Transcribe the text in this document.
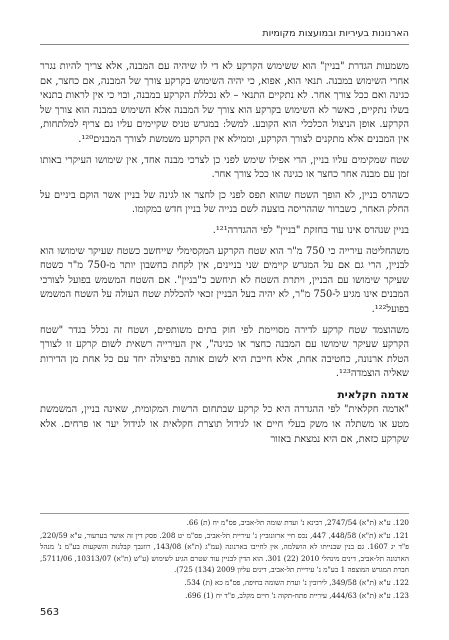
הארנונות בעיריות ובמועצות מקומיות

משמעות הגדרת "בניין" הוא ששימוש הקרקע לא די לו שיהיה עם המבנה, אלא צריך להיות נגרר אחרי השימוש במבנה. תנאי הוא, אפוא, כי יהיה השימוש בקרקע צורך של המבנה, אם כחצר, אם כגינה ואם ככל צורך אחר. לא נתקיים התנאי – לא נכללת הקרקע במבנה, ובוי כי אין לראות בתנאי בשלו נתקיים, כאשר לא השימוש בקרקע הוא צורך של המבנה אלא השימוש במבנה הוא צורך של הקרקע. אופן הניצול הכלכלי הוא הקובע. למשל: במגרש טניס שקיימים עליו גם צריף למלתחות, אין המבנים אלא מתקנים לצורך הקרקע, וממילא אין הקרקע משמשת לצורך המבנים¹²⁰.

שטח שמקימים עליו בניין, הרי אפילו שימש לפני כן לצרכי מבנה אחד, אין שימושו העיקרי באותו זמן עם מבנה אחר כחצר או כגינה או ככל צורך אחר.

כשהרס בניין, לא הופך השטח שהוא תפס לפני כן לחצר או לגינה של בניין אשר הוקם ביניים על החלק האחר, כשברור שההריסה בוצעה לשם בנייה של בניין חדש במקומו.

בניין שנהרס אינו עוד בחזקת "בניין" לפי ההגדרה¹²¹.

משהחליטה עירייה כי 750 מ"ר הוא שטח הקרקע המקסימלי שייחשב כשטח שעיקר שימושו הוא לבניין, הרי גם אם על המגרש קיימים שני בניינים, אין לקחת בחשבון יותר מ-750 מ"ר כשטח שעיקר שימושו עם הבניין, ויתרת השטח לא תיחשב כ"בניין". אם השטח המשמש בפועל לצורכי המבנים אינו מגיע ל-750 מ"ר, לא יהיה בעל הבניין זכאי להכללת שטח העולה על השטח המשמש בפועל¹²².

משהוצמד שטח קרקע לדירה מסויימת לפי חוק בתים משותפים, ושטח זה נכלל בגדר "שטח הקרקע שעיקר שימושו עם המבנה כחצר או כגינה", אין העירייה רשאית לשום קרקע זו לצורך הטלת ארנונה, כחטיבה אחת, אלא חייבת היא לשום אותה בפיצולה יחד עם כל אחת מן הדירות שאליה הוצמדה¹²³.

אדמה חקלאית

"אדמה חקלאית" לפי ההגדרה היא כל קרקע שבתחום הרשות המקומית, שאינה בניין, המשמשת מטע או משתלה או משק בעלי חיים או לגידול תוצרת חקלאית או לגידול יער או פרחים. אלא שקרקע כזאת, אם היא נמצאת באזור

120. ע"א (ת"א) 2747/54, רבינא נ' ועדת שומה תל-אביב, פס"מ יח (ת) 66.

121. ע"א (ת"א) 448/58, 447, נכס חיי ארזונוביץ נ' עיריית תל-אביב, פס"מ יט 208. פסק דין זה אושר בערעור, ע"א 220/59, פ"ד יג 1607. גם בנין שבנייתו לא הושלמה, אין לחייבו בארנונה (עמ"ג (ת"א) 143/08, רוזנבך קבלנות והשקעות בע"מ נ' מנהל הארנונה תל-אביב, דינים מינהלי 2010 (22) 301. הוא הדין לבניין עוד שטרם הגיע לשימוש (ע"ש (ת"א) 10313/07, 5711/06, חברת המגרש המוצפה 1 בע"מ נ' עיריית תל-אביב, דינים עליון 2009 (134) 725).

122. ע"א (ת"א) 349/58, לירובין נ' ועדת השומה בחיפה, פס"מ כא (ת) 534.

123. ע"א (ת"א) 444/63, עיריית פתח-תקוה נ' חיים מקלב, פ"ד יח (1) 696.

563
